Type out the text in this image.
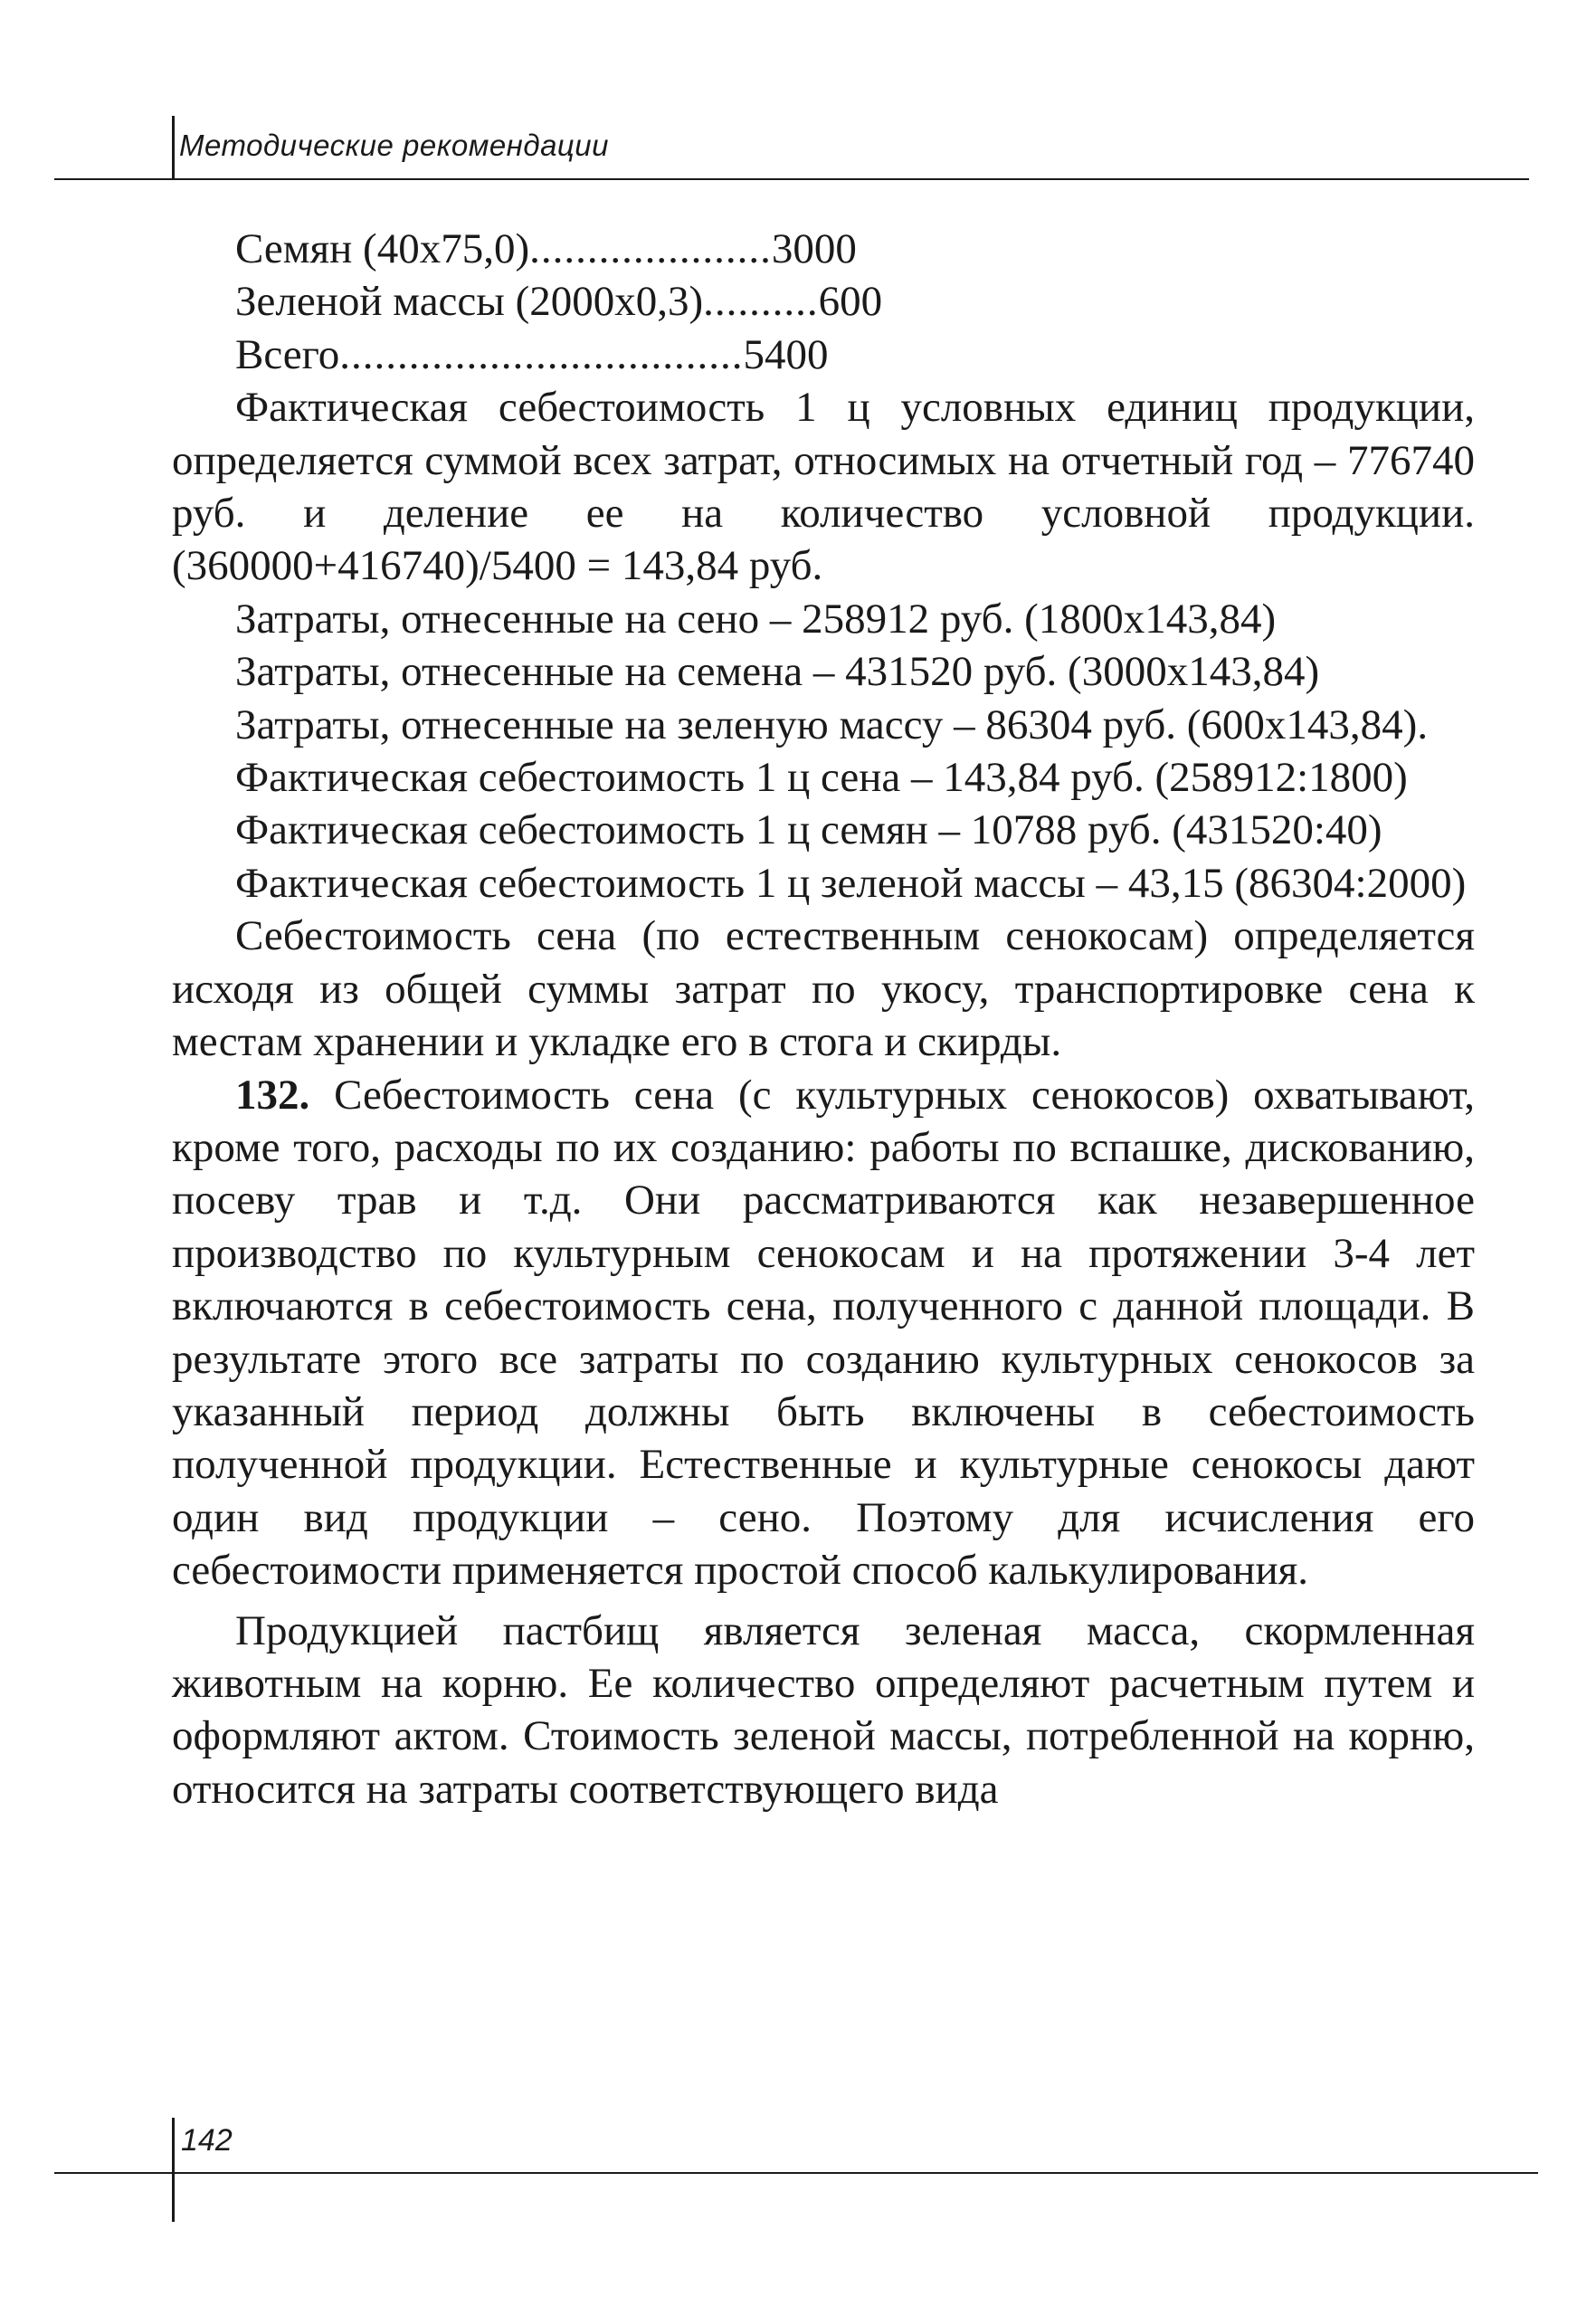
Методические рекомендации
Семян (40х75,0).....................3000
Зеленой массы (2000х0,3)..........600
Всего...................................5400

Фактическая себестоимость 1 ц условных единиц продукции, определяется суммой всех затрат, относимых на отчетный год – 776740 руб. и деление ее на количество условной продукции. (360000+416740)/5400 = 143,84 руб.

Затраты, отнесенные на сено – 258912 руб. (1800х143,84)

Затраты, отнесенные на семена – 431520 руб. (3000х143,84)

Затраты, отнесенные на зеленую массу – 86304 руб. (600х143,84).

Фактическая себестоимость 1 ц сена – 143,84 руб. (258912:1800)

Фактическая себестоимость 1 ц семян – 10788 руб. (431520:40)

Фактическая себестоимость 1 ц зеленой массы – 43,15 (86304:2000)

Себестоимость сена (по естественным сенокосам) определяется исходя из общей суммы затрат по укосу, транспортировке сена к местам хранении и укладке его в стога и скирды.

132. Себестоимость сена (с культурных сенокосов) охватывают, кроме того, расходы по их созданию: работы по вспашке, дискованию, посеву трав и т.д. Они рассматриваются как незавершенное производство по культурным сенокосам и на протяжении 3-4 лет включаются в себестоимость сена, полученного с данной площади. В результате этого все затраты по созданию культурных сенокосов за указанный период должны быть включены в себестоимость полученной продукции. Естественные и культурные сенокосы дают один вид продукции – сено. Поэтому для исчисления его себестоимости применяется простой способ калькулирования.

Продукцией пастбищ является зеленая масса, скормленная животным на корню. Ее количество определяют расчетным путем и оформляют актом. Стоимость зеленой массы, потребленной на корню, относится на затраты соответствующего вида

142
